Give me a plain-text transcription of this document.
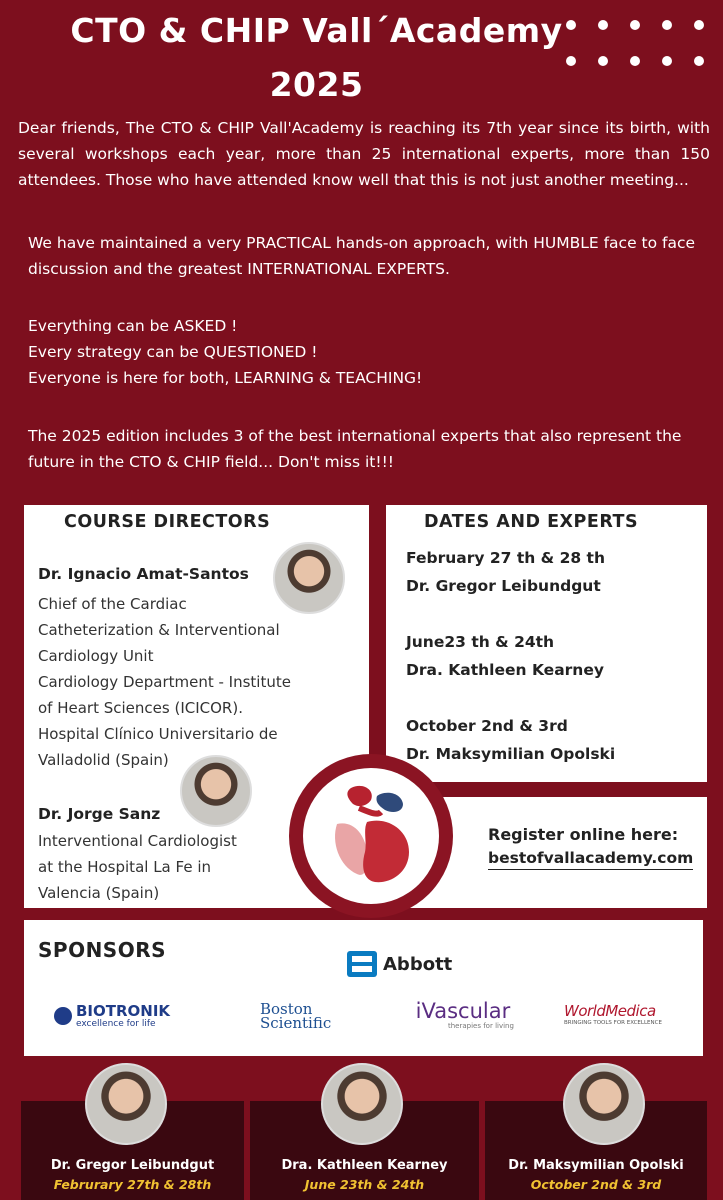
CTO & CHIP Vall´Academy
2025
Dear friends, The CTO & CHIP Vall'Academy is reaching its 7th year since its birth, with several workshops each year, more than 25 international experts, more than 150 attendees. Those who have attended know well that this is not just another meeting...
We have maintained a very PRACTICAL hands-on approach, with HUMBLE face to face discussion and the greatest INTERNATIONAL EXPERTS.
Everything can be ASKED !
Every strategy can be QUESTIONED !
Everyone is here for both, LEARNING & TEACHING!
The 2025 edition includes 3 of the best international experts that also represent the future in the CTO & CHIP field... Don't miss it!!!
COURSE DIRECTORS
Dr. Ignacio Amat-Santos
Chief of the Cardiac
Catheterization & Interventional
Cardiology Unit
Cardiology Department - Institute
of Heart Sciences (ICICOR).
Hospital Clínico Universitario de
Valladolid (Spain)
Dr. Jorge Sanz
Interventional Cardiologist
at the Hospital La Fe in
Valencia (Spain)
DATES AND EXPERTS
February 27 th & 28 th
Dr. Gregor Leibundgut
June23 th & 24th
Dra. Kathleen Kearney
October 2nd & 3rd
Dr. Maksymilian Opolski
Register online here:
bestofvallacademy.com
SPONSORS
Abbott
BIOTRONIK
excellence for life
Boston
Scientific	iVascular
therapies for living
WorldMedica
BRINGING TOOLS FOR EXCELLENCE
Dr. Gregor Leibundgut
Februrary 27th & 28th
Dra. Kathleen Kearney
June 23th & 24th
Dr. Maksymilian Opolski
October 2nd & 3rd
